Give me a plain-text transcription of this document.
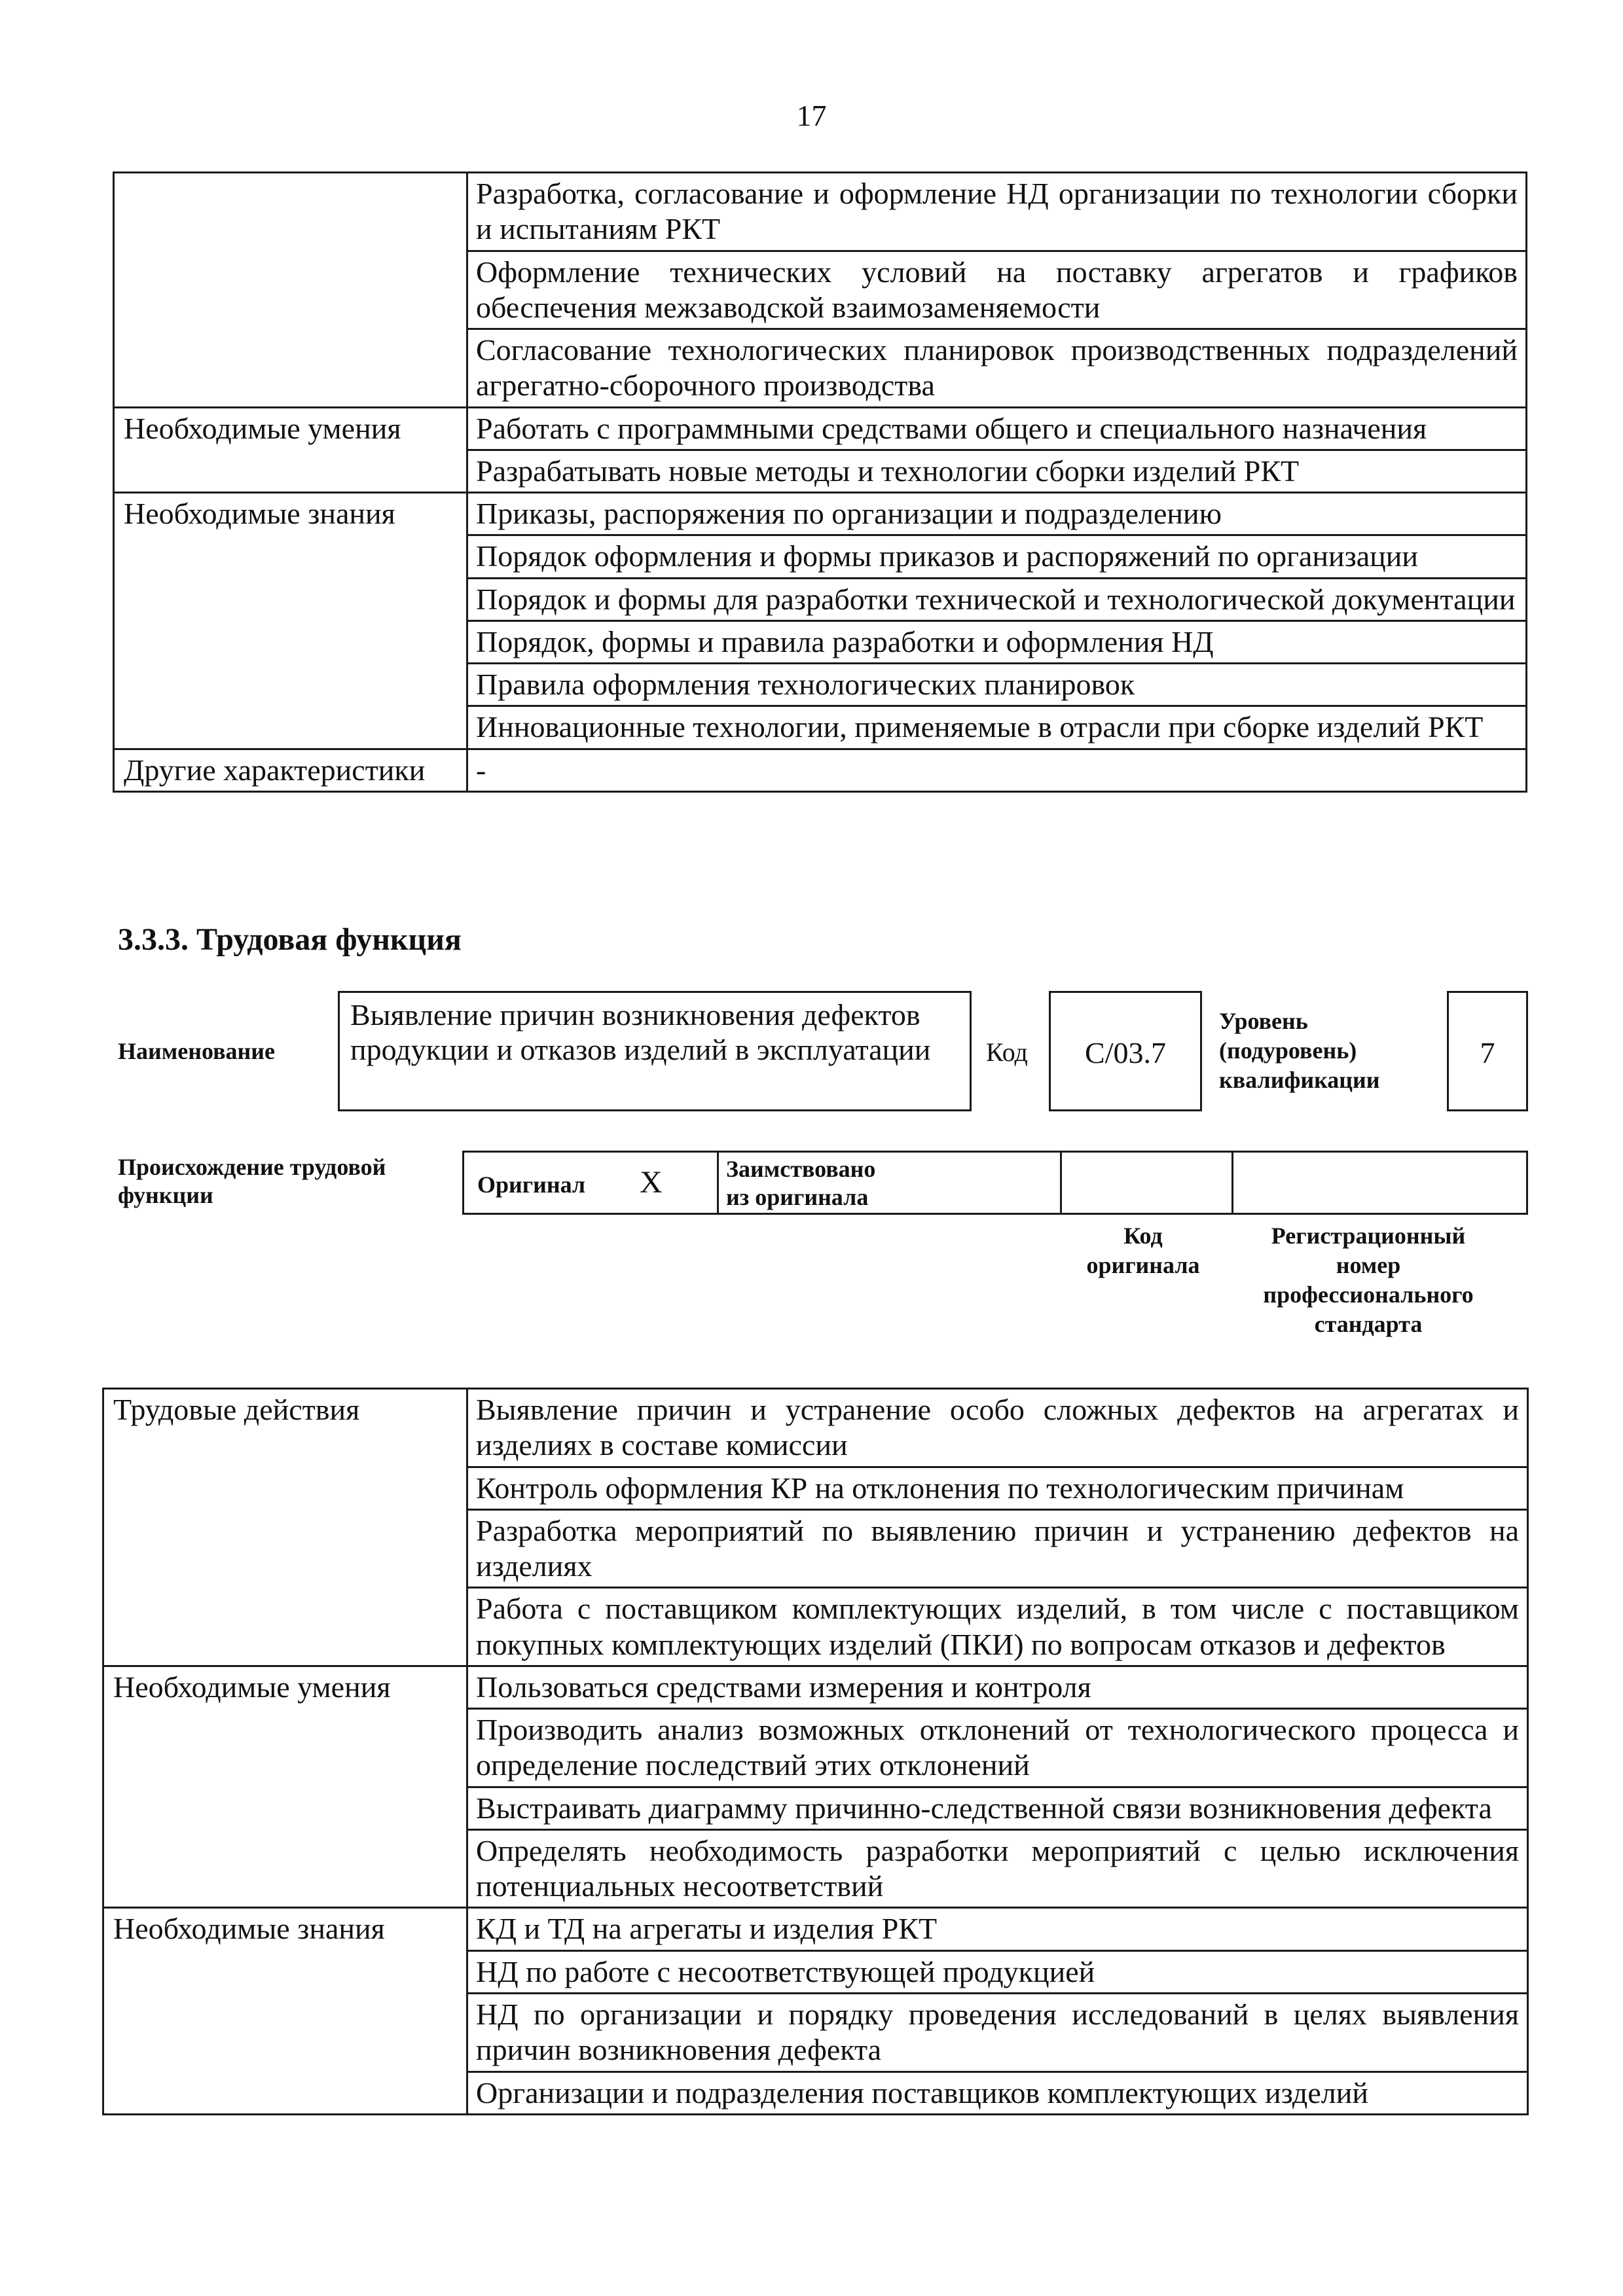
17
	Разработка, согласование и оформление НД организации по технологии сборки и испытаниям РКТ
	Оформление технических условий на поставку агрегатов и графиков обеспечения межзаводской взаимозаменяемости
	Согласование технологических планировок производственных подразделений агрегатно-сборочного производства
Необходимые умения	Работать с программными средствами общего и специального назначения
	Разрабатывать новые методы и технологии сборки изделий РКТ
Необходимые знания	Приказы, распоряжения по организации и подразделению
	Порядок оформления и формы приказов и распоряжений по организации
	Порядок и формы для разработки технической и технологической документации
	Порядок, формы и правила разработки и оформления НД
	Правила оформления технологических планировок
	Инновационные технологии, применяемые в отрасли при сборке изделий РКТ
Другие характеристики	-
3.3.3. Трудовая функция
Наименование
Выявление причин возникновения дефектов продукции и отказов изделий в эксплуатации	Код	C/03.7
Уровень (подуровень) квалификации
7
Происхождение трудовой функции	Оригинал X	Заимствовано из оригинала
Код оригинала
Регистрационный номер профессионального стандарта
Трудовые действия	Выявление причин и устранение особо сложных дефектов на агрегатах и изделиях в составе комиссии
	Контроль оформления КР на отклонения по технологическим причинам
	Разработка мероприятий по выявлению причин и устранению дефектов на изделиях
	Работа с поставщиком комплектующих изделий, в том числе с поставщиком покупных комплектующих изделий (ПКИ) по вопросам отказов и дефектов
Необходимые умения	Пользоваться средствами измерения и контроля
	Производить анализ возможных отклонений от технологического процесса и определение последствий этих отклонений
	Выстраивать диаграмму причинно-следственной связи возникновения дефекта
	Определять необходимость разработки мероприятий с целью исключения потенциальных несоответствий
Необходимые знания	КД и ТД на агрегаты и изделия РКТ
	НД по работе с несоответствующей продукцией
	НД по организации и порядку проведения исследований в целях выявления причин возникновения дефекта
	Организации и подразделения поставщиков комплектующих изделий
